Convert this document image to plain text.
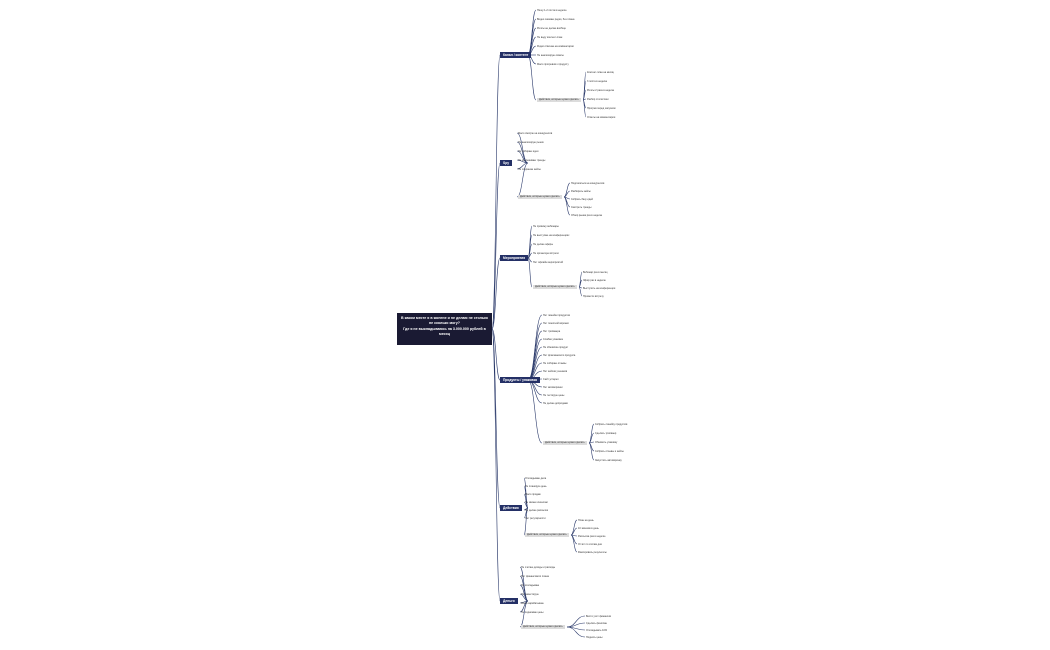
В каком месте я в жопене и не делаю не столько не сколько могу?
Где я не выкладываюсь на 3.000.000 рублей в месяц
Канал / контент
Пишу 1-2 поста в неделю
Видео снимаю редко, без плана
Рилсы не делаю вообще
Не веду контент-план
Редко отвечаю на комментарии
Не анализирую охваты
Мало прогревов к продукту
Действия, которые нужно сделать
Контент-план на месяц
3 поста в неделю
Рилсы 2 раза в неделю
Разбор статистики
Прогрев перед запуском
Ответы на комментарии
Spy
Мало смотрю на конкурентов
Не анализирую рынок
Не собираю идеи
Не отслеживаю тренды
Не сохраняю кейсы
Действия, которые нужно сделать
Подписаться на конкурентов
Разбирать кейсы
Собрать базу идей
Смотреть тренды
Обзор рынка раз в неделю
Мероприятия
Не провожу вебинары
Не выступаю на конференциях
Не делаю эфиры
Не организую встречи
Нет офлайн мероприятий
Действия, которые нужно сделать
Вебинар раз в месяц
Эфир раз в неделю
Выступить на конференции
Провести встречу
Продукты / упаковка
Нет линейки продуктов
Нет понятной воронки
Нет трипваера
Слабая упаковка
Не обновляю продукт
Нет флагманского продукта
Не собираю отзывы
Нет кейсов учеников
Сайт устарел
Нет автоворонки
Не тестирую цены
Не делаю допродажи
Действия, которые нужно сделать
Собрать линейку продуктов
Сделать трипваер
Обновить упаковку
Собрать отзывы и кейсы
Запустить автоворонку
Действия
Откладываю дела
Не планирую день
Мало продаж
Не звоню клиентам
Не делаю рассылки
Нет регулярности
Действия, которые нужно сделать
План на день
10 звонков в день
Рассылка раз в неделю
Отчёт по итогам дня
Фиксировать результаты
Деньги
Не считаю доходы и расходы
Нет финансового плана
Не откладываю
Не инвестирую
Мало зарабатываю
Не поднимаю цены
Действия, которые нужно сделать
Вести учёт финансов
Сделать финплан
Откладывать 10%
Поднять цены
